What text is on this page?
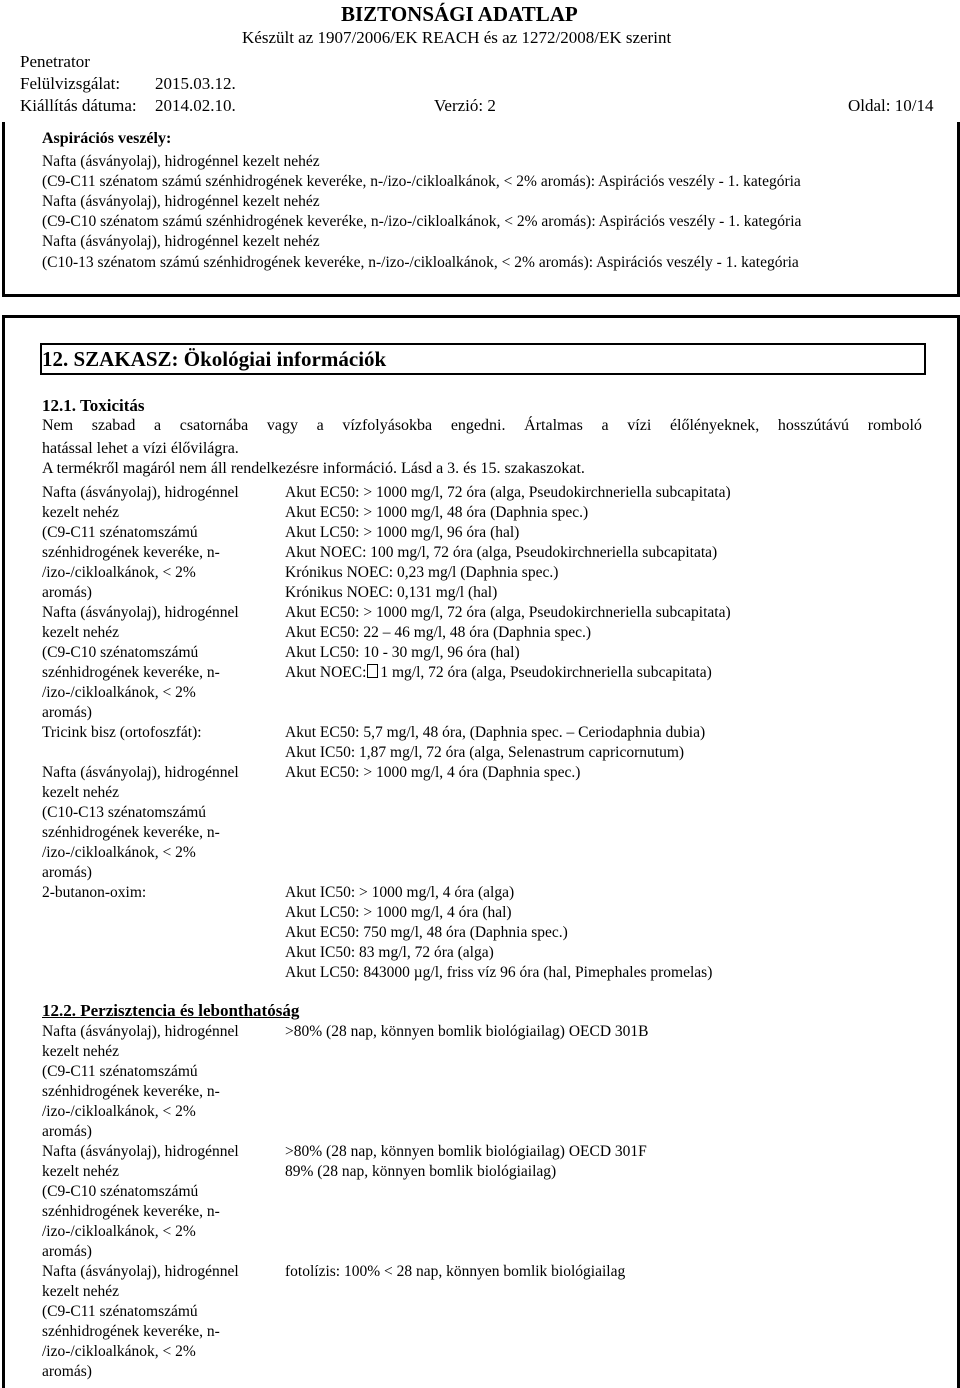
BIZTONSÁGI ADATLAP
Készült az 1907/2006/EK REACH és az 1272/2008/EK szerint
Penetrator
Felülvizsgálat: 2015.03.12.
Kiállítás dátuma: 2014.02.10.	Verzió: 2	Oldal: 10/14
Aspirációs veszély:
Nafta (ásványolaj), hidrogénnel kezelt nehéz
(C9-C11 szénatom számú szénhidrogének keveréke, n-/izo-/cikloalkánok, < 2% aromás): Aspirációs veszély - 1. kategória
Nafta (ásványolaj), hidrogénnel kezelt nehéz
(C9-C10 szénatom számú szénhidrogének keveréke, n-/izo-/cikloalkánok, < 2% aromás): Aspirációs veszély - 1. kategória
Nafta (ásványolaj), hidrogénnel kezelt nehéz
(C10-13 szénatom számú szénhidrogének keveréke, n-/izo-/cikloalkánok, < 2% aromás): Aspirációs veszély - 1. kategória
12. SZAKASZ: Ökológiai információk
12.1. Toxicitás
Nem szabad a csatornába vagy a vízfolyásokba engedni. Ártalmas a vízi élőlényeknek, hosszútávú romboló
hatással lehet a vízi élővilágra.
A termékről magáról nem áll rendelkezésre információ. Lásd a 3. és 15. szakaszokat.
Nafta (ásványolaj), hidrogénnel
kezelt nehéz
(C9-C11 szénatomszámú
szénhidrogének keveréke, n-
/izo-/cikloalkánok, < 2%
aromás)
Nafta (ásványolaj), hidrogénnel
kezelt nehéz
(C9-C10 szénatomszámú
szénhidrogének keveréke, n-
/izo-/cikloalkánok, < 2%
aromás)
Tricink bisz (ortofoszfát):
Nafta (ásványolaj), hidrogénnel
kezelt nehéz
(C10-C13 szénatomszámú
szénhidrogének keveréke, n-
/izo-/cikloalkánok, < 2%
aromás)
2-butanon-oxim:
Akut EC50: > 1000 mg/l, 72 óra (alga, Pseudokirchneriella subcapitata)
Akut EC50: > 1000 mg/l, 48 óra (Daphnia spec.)
Akut LC50: > 1000 mg/l, 96 óra (hal)
Akut NOEC: 100 mg/l, 72 óra (alga, Pseudokirchneriella subcapitata)
Krónikus NOEC: 0,23 mg/l (Daphnia spec.)
Krónikus NOEC: 0,131 mg/l (hal)
Akut EC50: > 1000 mg/l, 72 óra (alga, Pseudokirchneriella subcapitata)
Akut EC50: 22 – 46 mg/l, 48 óra (Daphnia spec.)
Akut LC50: 10 - 30 mg/l, 96 óra (hal)
Akut NOEC: 1 mg/l, 72 óra (alga, Pseudokirchneriella subcapitata)
Akut EC50: 5,7 mg/l, 48 óra, (Daphnia spec. – Ceriodaphnia dubia)
Akut IC50: 1,87 mg/l, 72 óra (alga, Selenastrum capricornutum)
Akut EC50: > 1000 mg/l, 4 óra (Daphnia spec.)
Akut IC50: > 1000 mg/l, 4 óra (alga)
Akut LC50: > 1000 mg/l, 4 óra (hal)
Akut EC50: 750 mg/l, 48 óra (Daphnia spec.)
Akut IC50: 83 mg/l, 72 óra (alga)
Akut LC50: 843000 µg/l, friss víz 96 óra (hal, Pimephales promelas)
12.2. Perzisztencia és lebonthatóság
Nafta (ásványolaj), hidrogénnel
kezelt nehéz
(C9-C11 szénatomszámú
szénhidrogének keveréke, n-
/izo-/cikloalkánok, < 2%
aromás)
Nafta (ásványolaj), hidrogénnel
kezelt nehéz
(C9-C10 szénatomszámú
szénhidrogének keveréke, n-
/izo-/cikloalkánok, < 2%
aromás)
Nafta (ásványolaj), hidrogénnel
kezelt nehéz
(C9-C11 szénatomszámú
szénhidrogének keveréke, n-
/izo-/cikloalkánok, < 2%
aromás)
>80% (28 nap, könnyen bomlik biológiailag) OECD 301B
>80% (28 nap, könnyen bomlik biológiailag) OECD 301F
89% (28 nap, könnyen bomlik biológiailag)
fotolízis: 100% < 28 nap, könnyen bomlik biológiailag
